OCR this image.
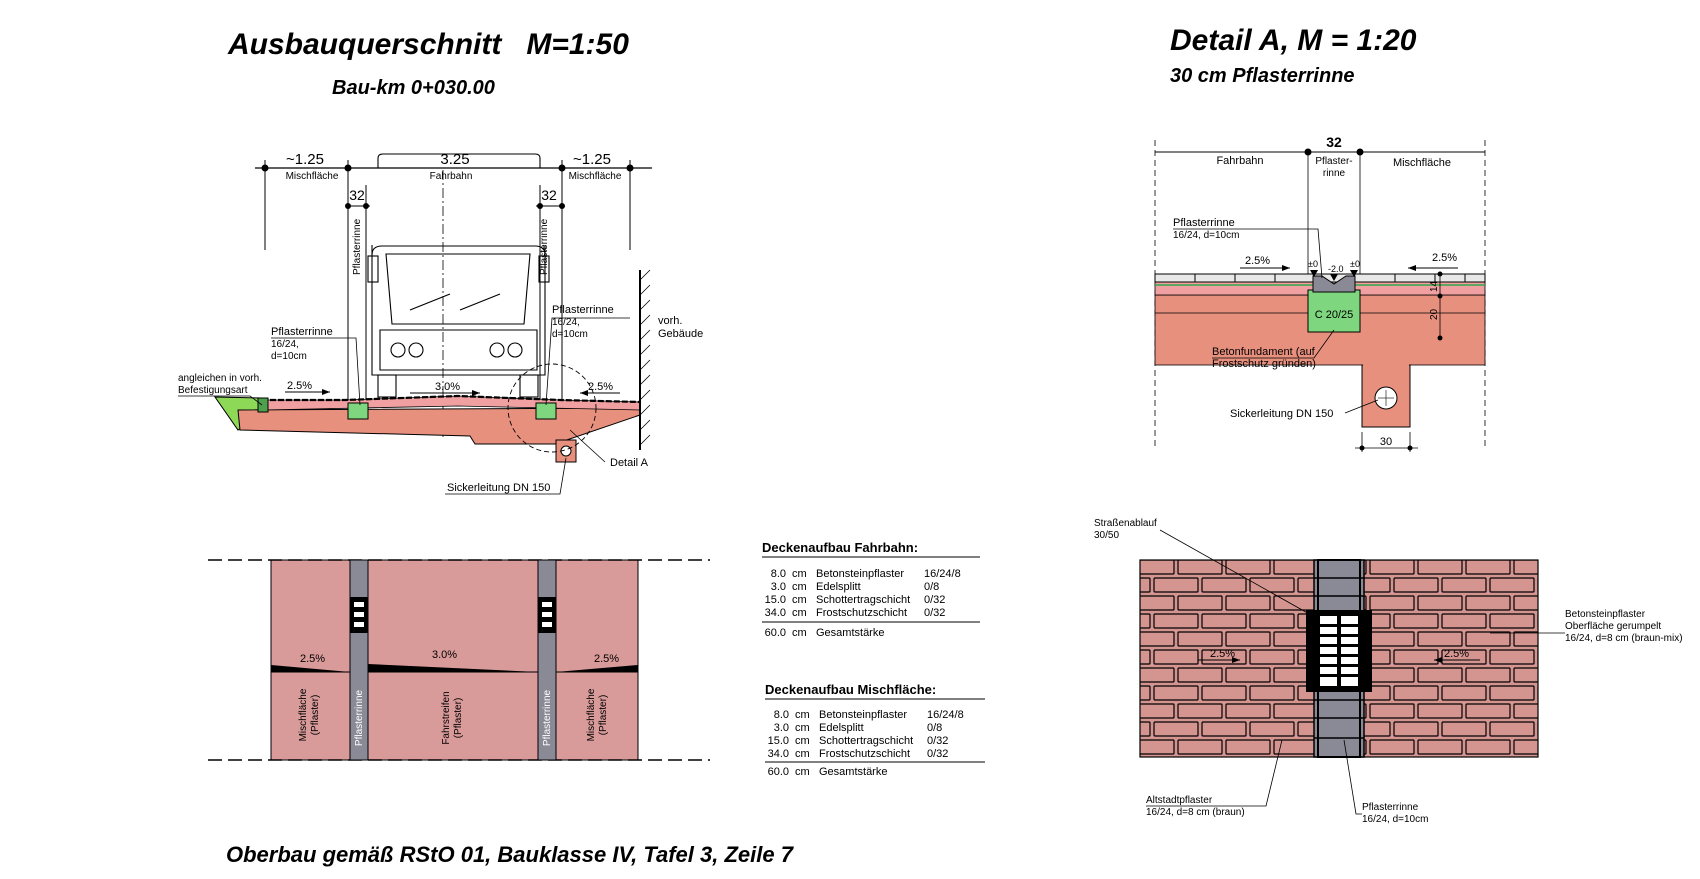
Ausbauquerschnitt   M=1:50
Bau-km 0+030.00
Detail A, M = 1:20
30 cm Pflasterrinne
Oberbau gemäß RStO 01, Bauklasse IV, Tafel 3, Zeile 7
~1.25	3.25	~1.25
Mischfläche	Fahrbahn	Mischfläche
32	32
Pflasterrinne	Pflasterrinne
vorh.
Gebäude
2.5%	3.0%	2.5%
Pflasterrinne
16/24,
d=10cm
Pflasterrinne
16/24,
d=10cm
angleichen in vorh.
Befestigungsart
Detail A
Sickerleitung DN 150
2.5%	3.0%	2.5%
Mischfläche (Pflaster)	Pflasterrinne	Fahrstreifen (Pflaster)	Pflasterrinne	Mischfläche (Pflaster)
Deckenaufbau Fahrbahn:
8.0 cm Betonsteinpflaster 16/24/8
3.0 cm Edelsplitt	0/8
15.0 cm Schottertragschicht 0/32
34.0 cm Frostschutzschicht 0/32
60.0 cm Gesamtstärke
Deckenaufbau Mischfläche:
8.0 cm Betonsteinpflaster 16/24/8
3.0 cm Edelsplitt	0/8
15.0 cm Schottertragschicht 0/32
34.0 cm Frostschutzschicht 0/32
60.0 cm Gesamtstärke
32
Fahrbahn	Pflaster-
rinne
Mischfläche
C 20/25
14
20
30
2.5%	2.5%
±0 -2.0 ±0
Pflasterrinne
16/24, d=10cm
Betonfundament (auf
Frostschutz gründen)
Sickerleitung DN 150
2.5%	2.5%
Straßenablauf
30/50
Betonsteinpflaster
Oberfläche gerumpelt
16/24, d=8 cm (braun-mix)
Altstadtpflaster
16/24, d=8 cm (braun)	Pflasterrinne
16/24, d=10cm
